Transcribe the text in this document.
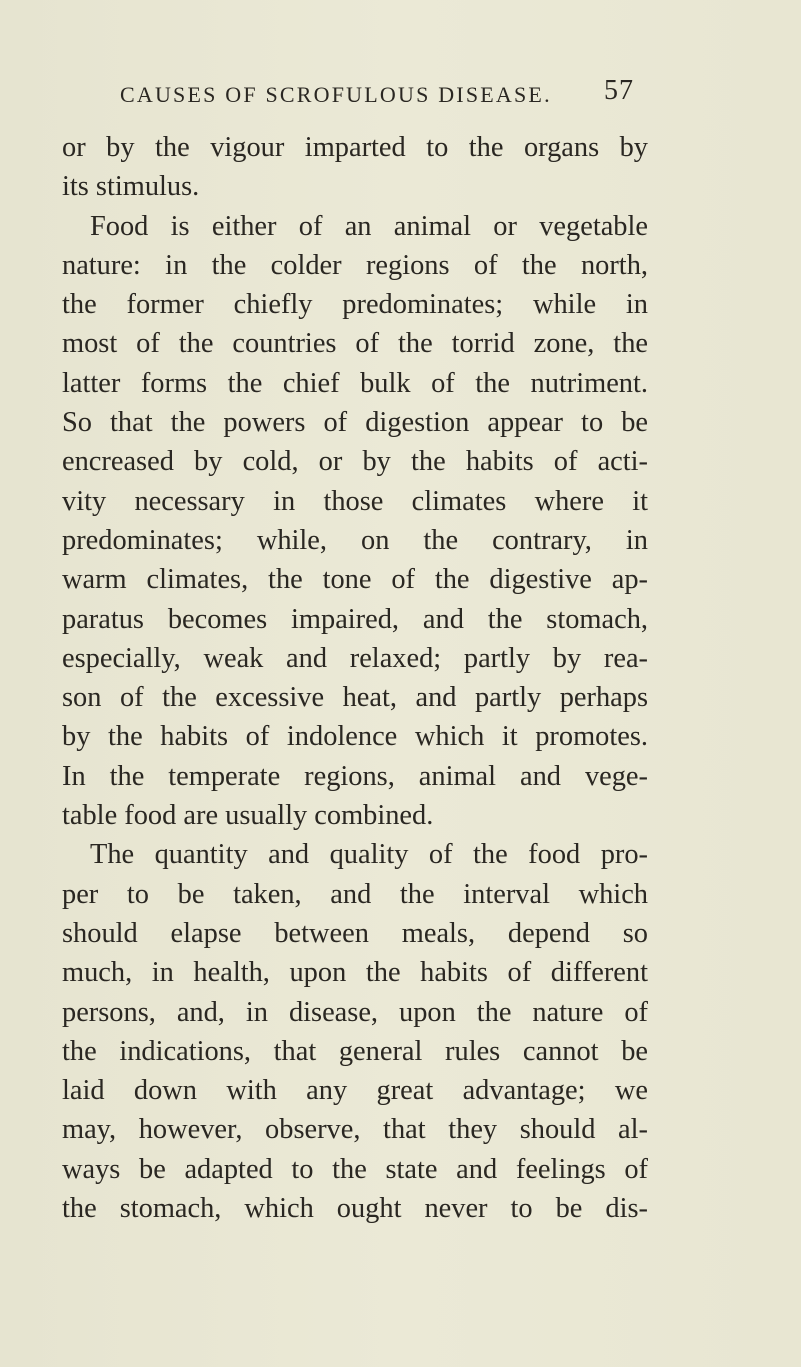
CAUSES OF SCROFULOUS DISEASE.	57
or by the vigour imparted to the organs by
its stimulus.
Food is either of an animal or vegetable
nature: in the colder regions of the north,
the former chiefly predominates; while in
most of the countries of the torrid zone, the
latter forms the chief bulk of the nutriment.
So that the powers of digestion appear to be
encreased by cold, or by the habits of acti-
vity necessary in those climates where it
predominates; while, on the contrary, in
warm climates, the tone of the digestive ap-
paratus becomes impaired, and the stomach,
especially, weak and relaxed; partly by rea-
son of the excessive heat, and partly perhaps
by the habits of indolence which it promotes.
In the temperate regions, animal and vege-
table food are usually combined.
The quantity and quality of the food pro-
per to be taken, and the interval which
should elapse between meals, depend so
much, in health, upon the habits of different
persons, and, in disease, upon the nature of
the indications, that general rules cannot be
laid down with any great advantage; we
may, however, observe, that they should al-
ways be adapted to the state and feelings of
the stomach, which ought never to be dis-
